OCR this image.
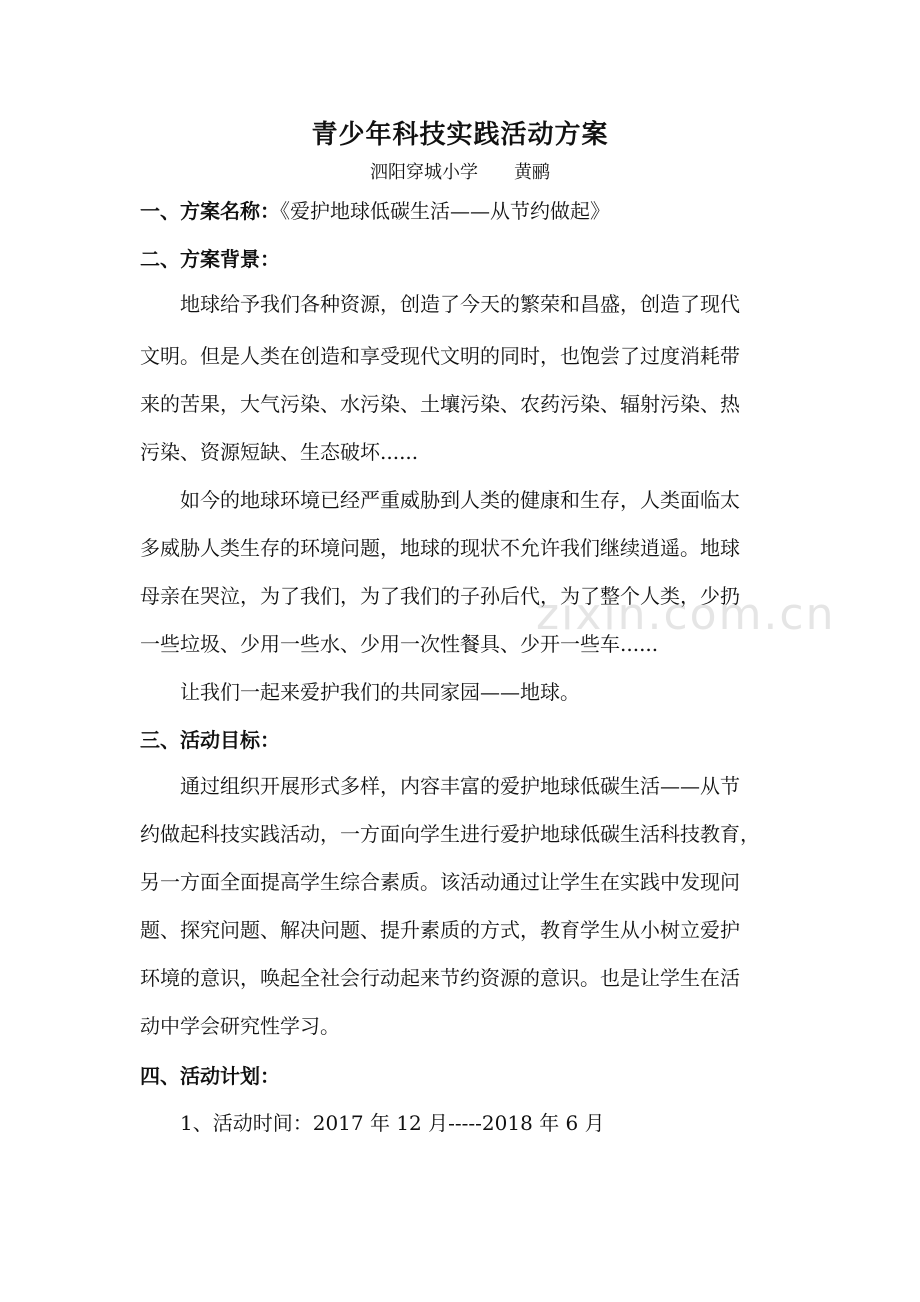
青少年科技实践活动方案
泗阳穿城小学 黄鹂
一、方案名称：《爱护地球低碳生活——从节约做起》
二、方案背景：
地球给予我们各种资源，创造了今天的繁荣和昌盛，创造了现代
文明。但是人类在创造和享受现代文明的同时，也饱尝了过度消耗带
来的苦果，大气污染、水污染、土壤污染、农药污染、辐射污染、热
污染、资源短缺、生态破坏......
如今的地球环境已经严重威胁到人类的健康和生存，人类面临太
多威胁人类生存的环境问题，地球的现状不允许我们继续逍遥。地球
母亲在哭泣，为了我们，为了我们的子孙后代，为了整个人类，少扔
一些垃圾、少用一些水、少用一次性餐具、少开一些车......
让我们一起来爱护我们的共同家园——地球。
三、活动目标：
通过组织开展形式多样，内容丰富的爱护地球低碳生活——从节
约做起科技实践活动，一方面向学生进行爱护地球低碳生活科技教育，
另一方面全面提高学生综合素质。该活动通过让学生在实践中发现问
题、探究问题、解决问题、提升素质的方式，教育学生从小树立爱护
环境的意识，唤起全社会行动起来节约资源的意识。也是让学生在活
动中学会研究性学习。
四、活动计划：
1、活动时间：2017 年 12 月-----2018 年 6 月
zixin.com.cn
